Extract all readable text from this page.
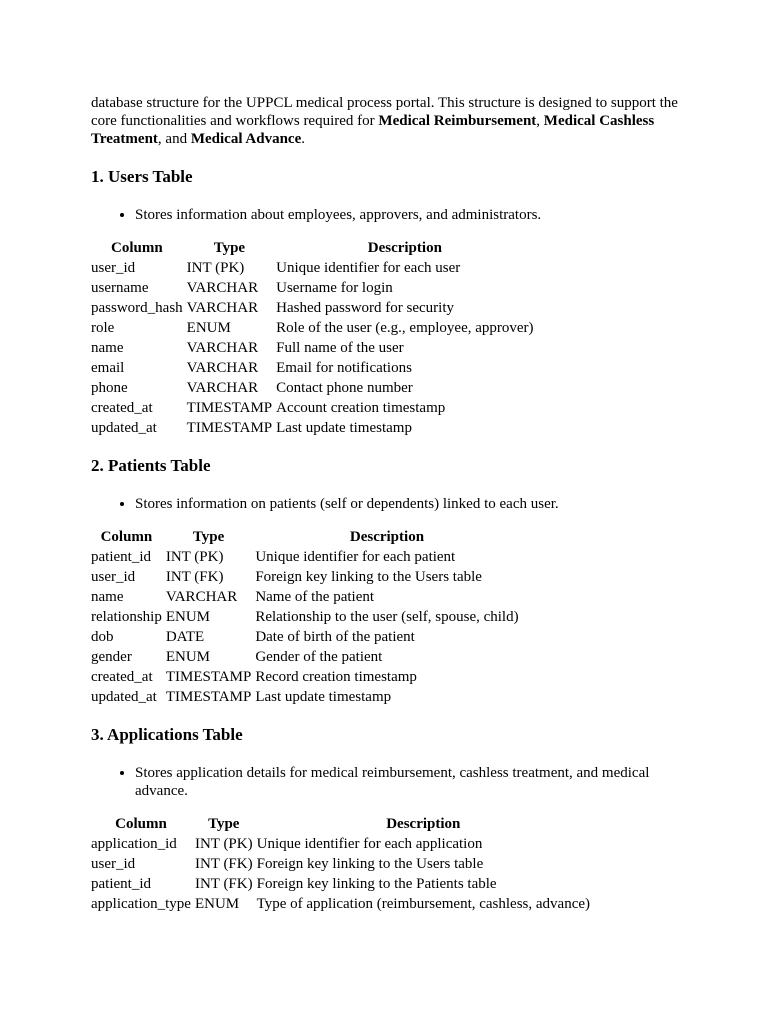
database structure for the UPPCL medical process portal. This structure is designed to support the core functionalities and workflows required for Medical Reimbursement, Medical Cashless Treatment, and Medical Advance.

1. Users Table
• Stores information about employees, approvers, and administrators.
Column	Type	Description
user_id	INT (PK)	Unique identifier for each user
username	VARCHAR	Username for login
password_hash	VARCHAR	Hashed password for security
role	ENUM	Role of the user (e.g., employee, approver)
name	VARCHAR	Full name of the user
email	VARCHAR	Email for notifications
phone	VARCHAR	Contact phone number
created_at	TIMESTAMP	Account creation timestamp
updated_at	TIMESTAMP	Last update timestamp
2. Patients Table
• Stores information on patients (self or dependents) linked to each user.
Column	Type	Description
patient_id	INT (PK)	Unique identifier for each patient
user_id	INT (FK)	Foreign key linking to the Users table
name	VARCHAR	Name of the patient
relationship	ENUM	Relationship to the user (self, spouse, child)
dob	DATE	Date of birth of the patient
gender	ENUM	Gender of the patient
created_at	TIMESTAMP	Record creation timestamp
updated_at	TIMESTAMP	Last update timestamp
3. Applications Table
• Stores application details for medical reimbursement, cashless treatment, and medical advance.
Column	Type	Description
application_id	INT (PK)	Unique identifier for each application
user_id	INT (FK)	Foreign key linking to the Users table
patient_id	INT (FK)	Foreign key linking to the Patients table
application_type	ENUM	Type of application (reimbursement, cashless, advance)
